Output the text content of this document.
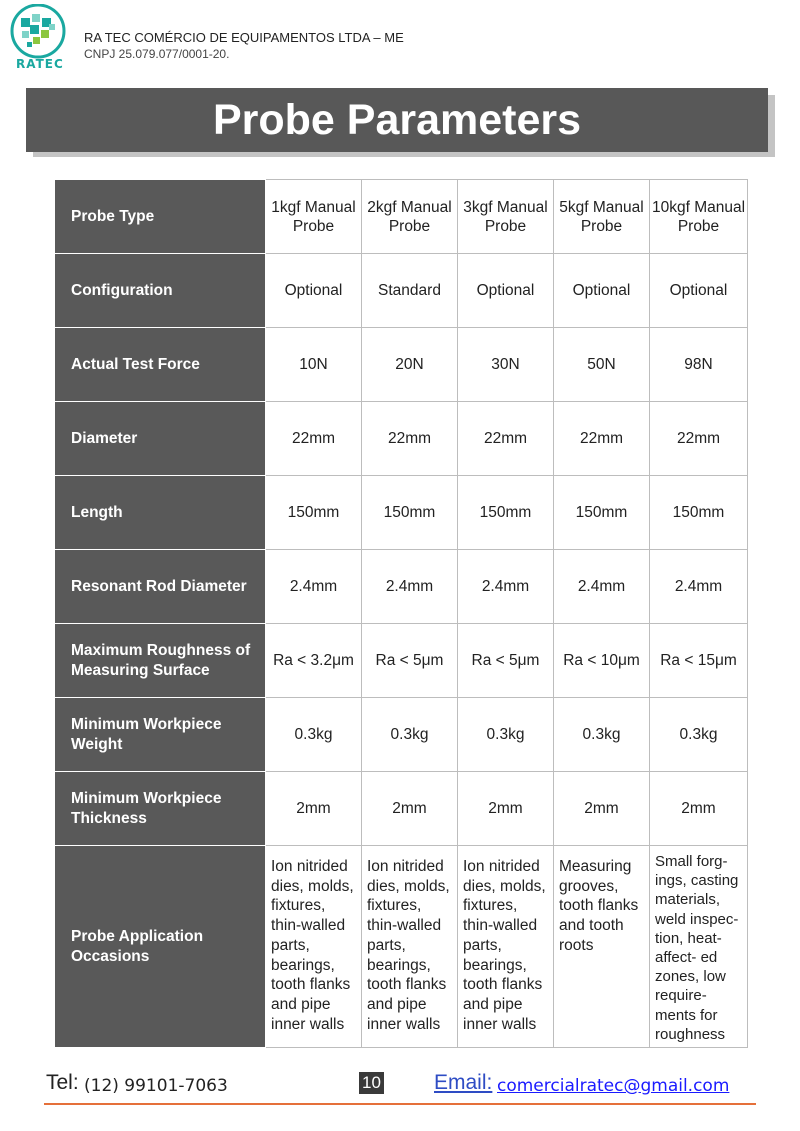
RATEC
RA TEC COMÉRCIO DE EQUIPAMENTOS LTDA – ME
CNPJ 25.079.077/0001-20.
Probe Parameters
Probe Type	1kgf Manual Probe	2kgf Manual Probe	3kgf Manual Probe	5kgf Manual Probe	10kgf Manual Probe
Configuration	Optional	Standard	Optional	Optional	Optional
Actual Test Force	10N	20N	30N	50N	98N
Diameter	22mm	22mm	22mm	22mm	22mm
Length	150mm	150mm	150mm	150mm	150mm
Resonant Rod Diameter	2.4mm	2.4mm	2.4mm	2.4mm	2.4mm
Maximum Roughness of Measuring Surface	Ra < 3.2μm	Ra < 5μm	Ra < 5μm	Ra < 10μm	Ra < 15μm
Minimum Workpiece Weight	0.3kg	0.3kg	0.3kg	0.3kg	0.3kg
Minimum Workpiece Thickness	2mm	2mm	2mm	2mm	2mm
Probe Application Occasions	Ion nitrided dies, molds, fixtures, thin-walled parts, bearings, tooth flanks and pipe inner walls	Ion nitrided dies, molds, fixtures, thin-walled parts, bearings, tooth flanks and pipe inner walls	Ion nitrided dies, molds, fixtures, thin-walled parts, bearings, tooth flanks and pipe inner walls	Measuring grooves, tooth flanks and tooth roots	Small forg- ings, casting materials, weld inspec- tion, heat-affect- ed zones, low require- ments for roughness
Tel: (12) 99101-7063	10	Email: comercialratec@gmail.com
